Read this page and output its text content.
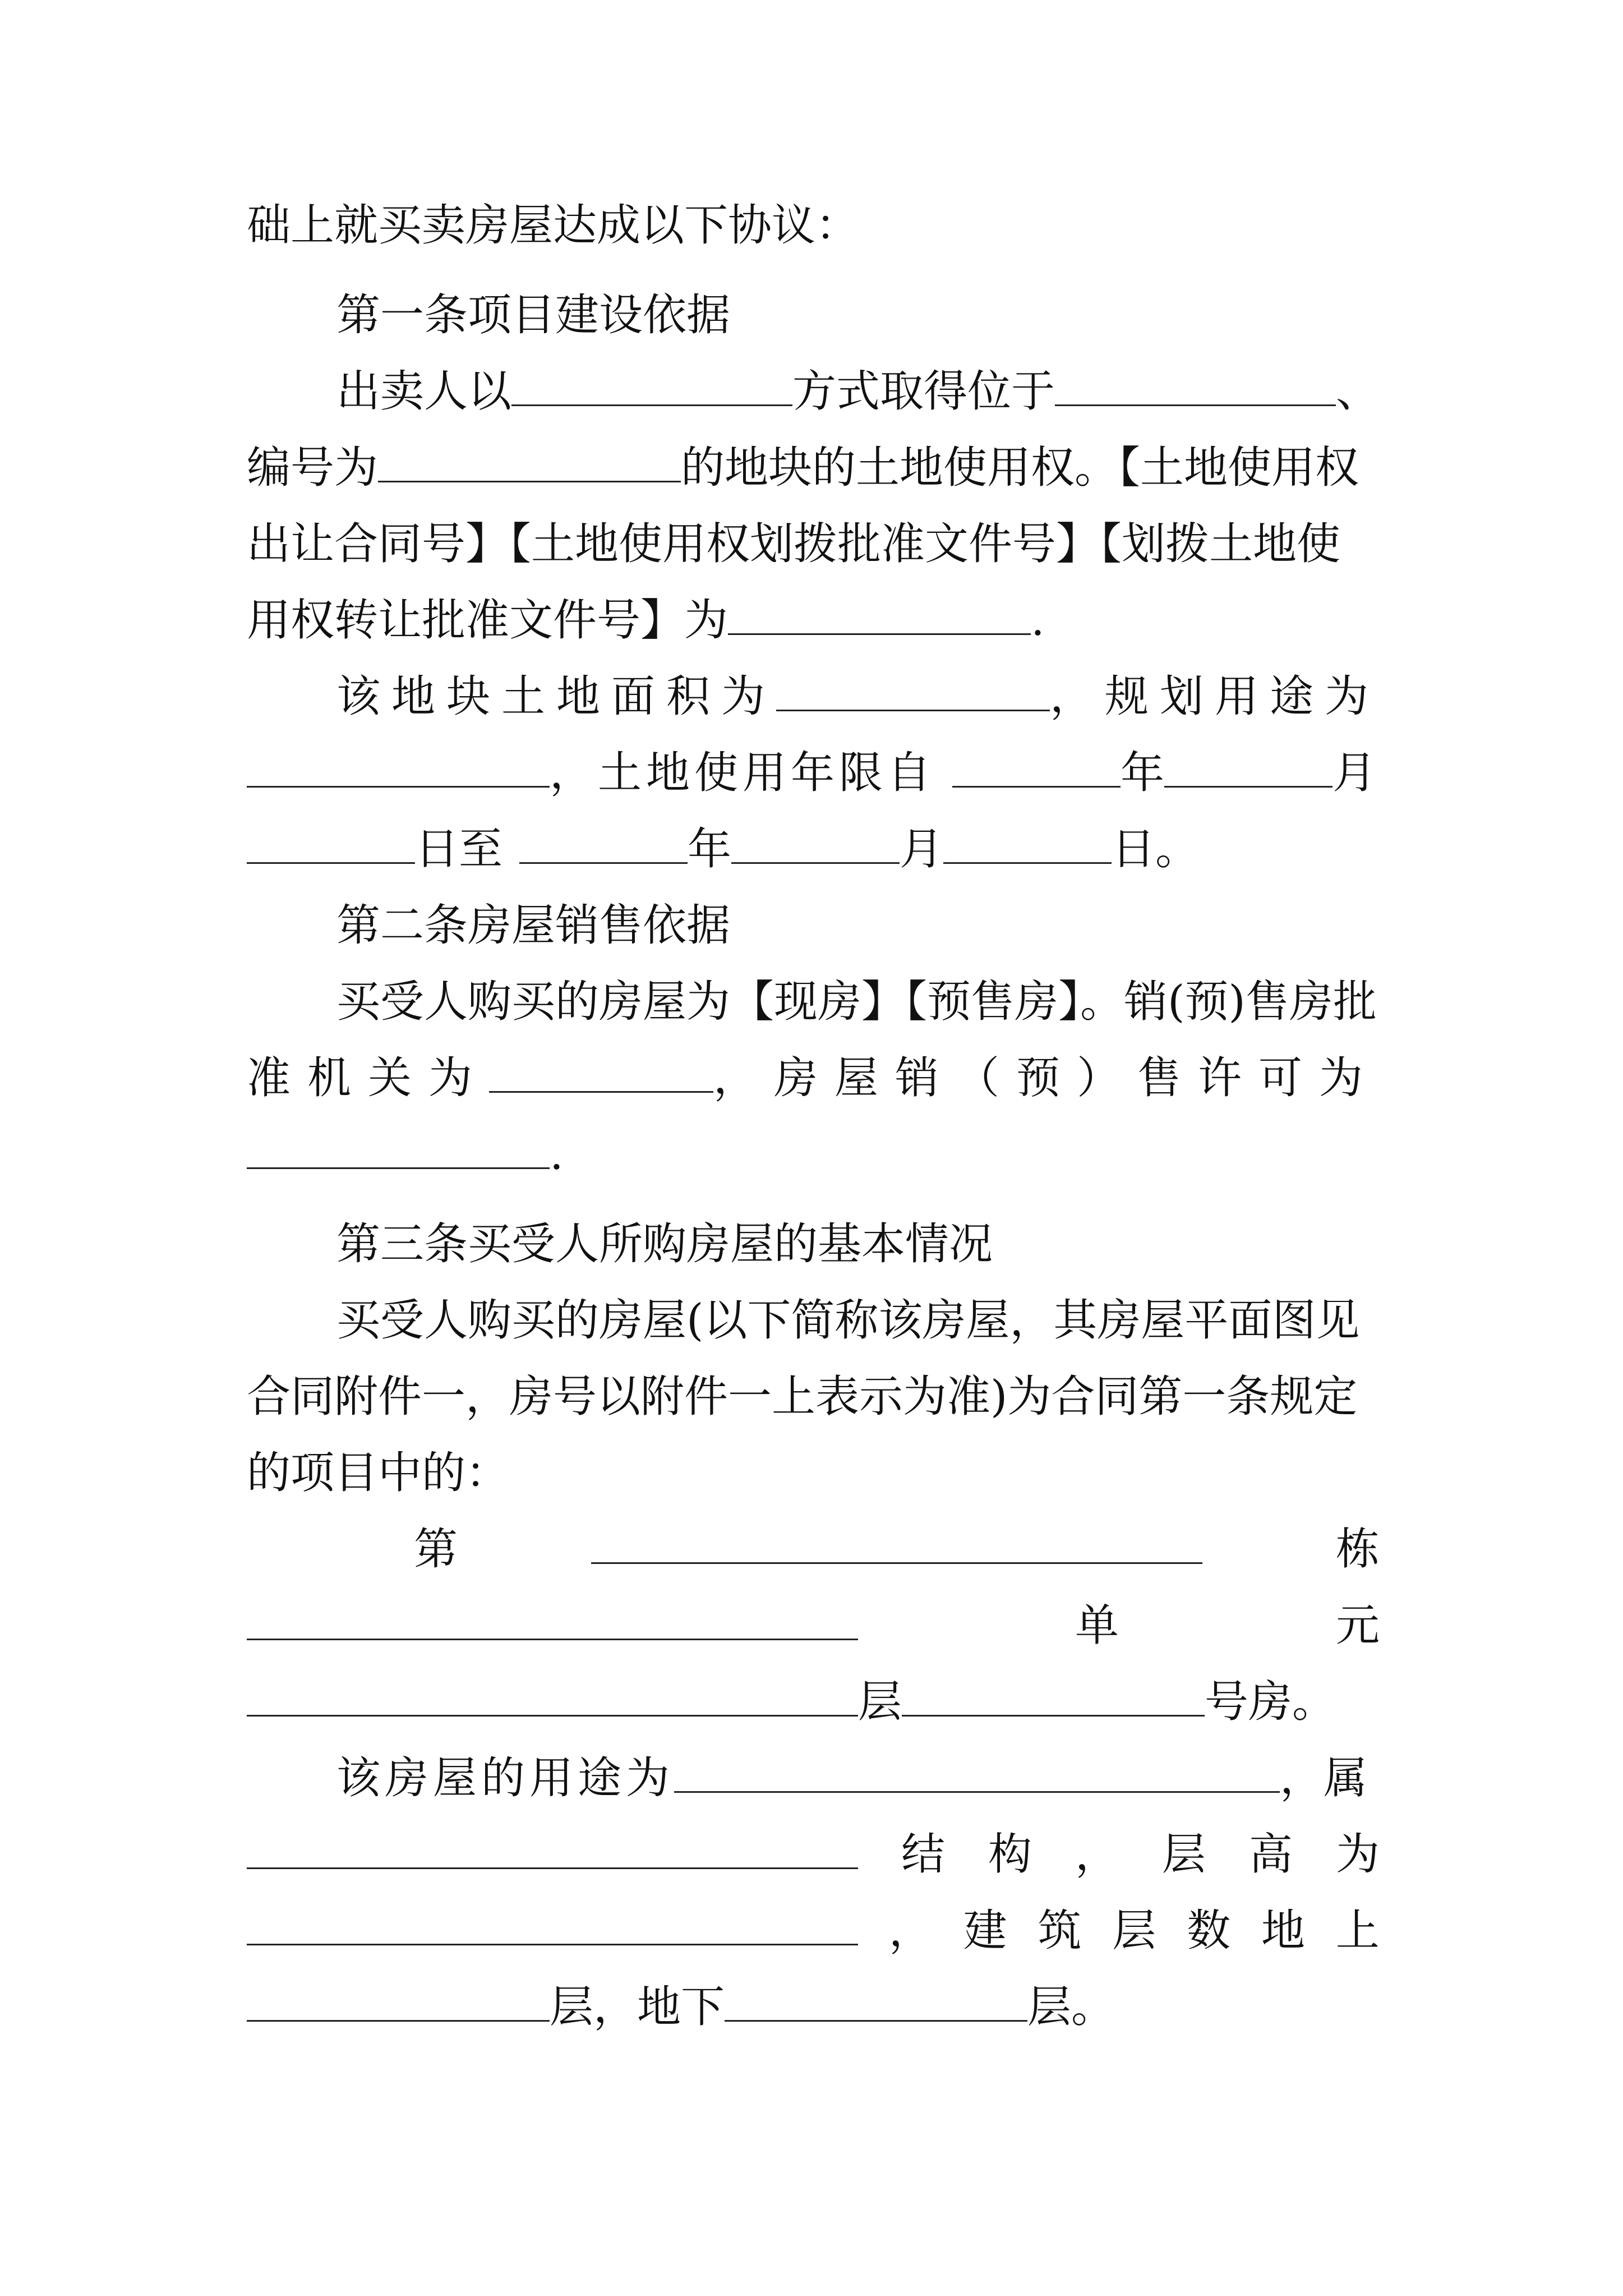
础上就买卖房屋达成以下协议：
第一条项目建设依据
出卖人以	方式取得位于	、
编号为	的地块的土地使用权。【土地使用权
出让合同号】【土地使用权划拨批准文件号】【划拨土地使
用权转让批准文件号】为	.
该地块土地面积为	，规划用途为
，土地使用年限自	年	月
日至	年	月	日。
第二条房屋销售依据
买受人购买的房屋为【现房】【预售房】。销(预)售房批
准机关为	，房屋销（预）售许可为
.
第三条买受人所购房屋的基本情况
买受人购买的房屋(以下简称该房屋，其房屋平面图见
合同附件一，房号以附件一上表示为准)为合同第一条规定
的项目中的：
第	栋
单	元
层	号房。
该房屋的用途为	，属
结 构 ， 层 高 为
， 建 筑 层 数 地 上
层，地下	层。
